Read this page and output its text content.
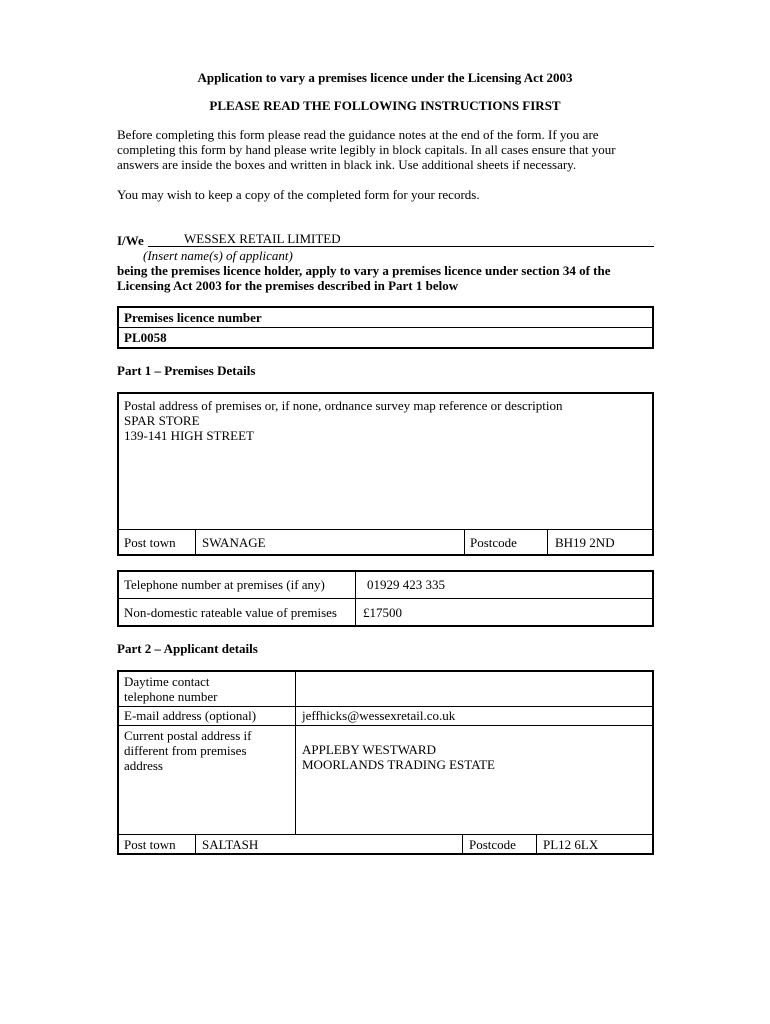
Application to vary a premises licence under the Licensing Act 2003
PLEASE READ THE FOLLOWING INSTRUCTIONS FIRST
Before completing this form please read the guidance notes at the end of the form. If you are
completing this form by hand please write legibly in block capitals. In all cases ensure that your
answers are inside the boxes and written in black ink. Use additional sheets if necessary.
You may wish to keep a copy of the completed form for your records.
I/We	WESSEX RETAIL LIMITED
(Insert name(s) of applicant)
being the premises licence holder, apply to vary a premises licence under section 34 of the
Licensing Act 2003 for the premises described in Part 1 below
Premises licence number
PL0058
Part 1 – Premises Details
Postal address of premises or, if none, ordnance survey map reference or description
SPAR STORE
139-141 HIGH STREET
Post town SWANAGE	Postcode	BH19 2ND
Telephone number at premises (if any)	01929 423 335
Non-domestic rateable value of premises £17500
Part 2 – Applicant details
Daytime contact
telephone number
E-mail address (optional)	jeffhicks@wessexretail.co.uk
Current postal address if
different from premises
address
APPLEBY WESTWARD
MOORLANDS TRADING ESTATE
Post town SALTASH	Postcode PL12 6LX
